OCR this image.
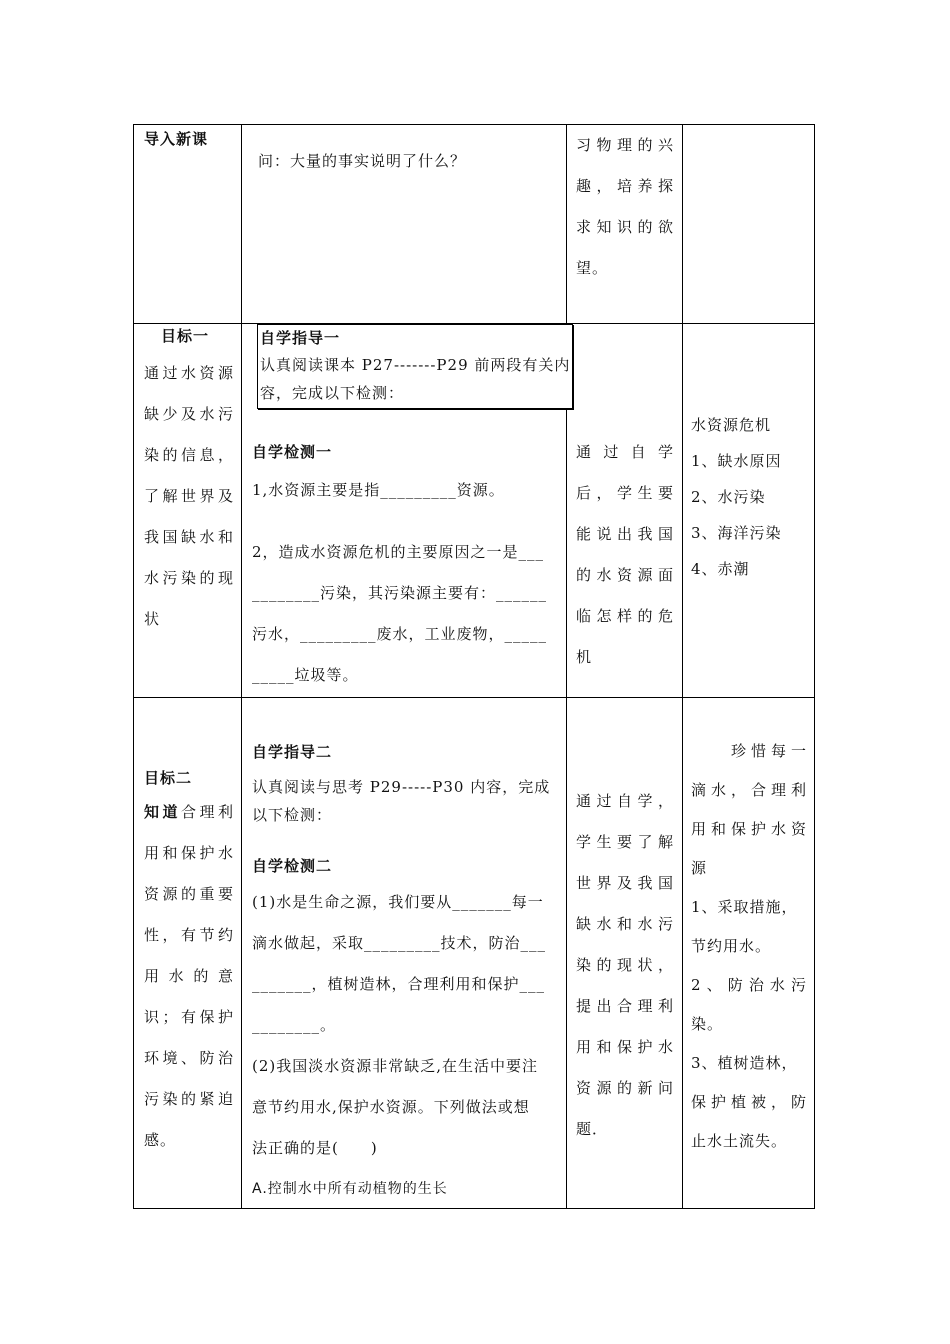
导入新课
问：大量的事实说明了什么？
习物理的兴
趣，培养探
求知识的欲
望。
目标一
通过水资源
缺少及水污
染的信息，
了解世界及
我国缺水和
水污染的现
状
自学指导一
认真阅读课本 P27-------P29 前两段有关内
容，完成以下检测：
自学检测一
1,水资源主要是指_________资源。
2，造成水资源危机的主要原因之一是___
________污染，其污染源主要有：______
污水，_________废水，工业废物，_____
_____垃圾等。
通过自学
后，学生要
能说出我国
的水资源面
临怎样的危
机
水资源危机
1、缺水原因
2、水污染
3、海洋污染
4、赤潮
目标二
知道合理利
用和保护水
资源的重要
性，有节约
用水的意
识；有保护
环境、防治
污染的紧迫
感。
自学指导二
认真阅读与思考 P29-----P30 内容，完成
以下检测：
自学检测二
(1)水是生命之源，我们要从_______每一
滴水做起，采取_________技术，防治___
_______，植树造林，合理利用和保护___
________。
(2)我国淡水资源非常缺乏,在生活中要注
意节约用水,保护水资源。下列做法或想
法正确的是(　　)
A.控制水中所有动植物的生长
通过自学，
学生要了解
世界及我国
缺水和水污
染的现状，
提出合理利
用和保护水
资源的新问
题．
　　珍惜每一
滴水，合理利
用和保护水资
源
1、采取措施，
节约用水。
2、防治水污
染。
3、植树造林，
保护植被，防
止水土流失。
